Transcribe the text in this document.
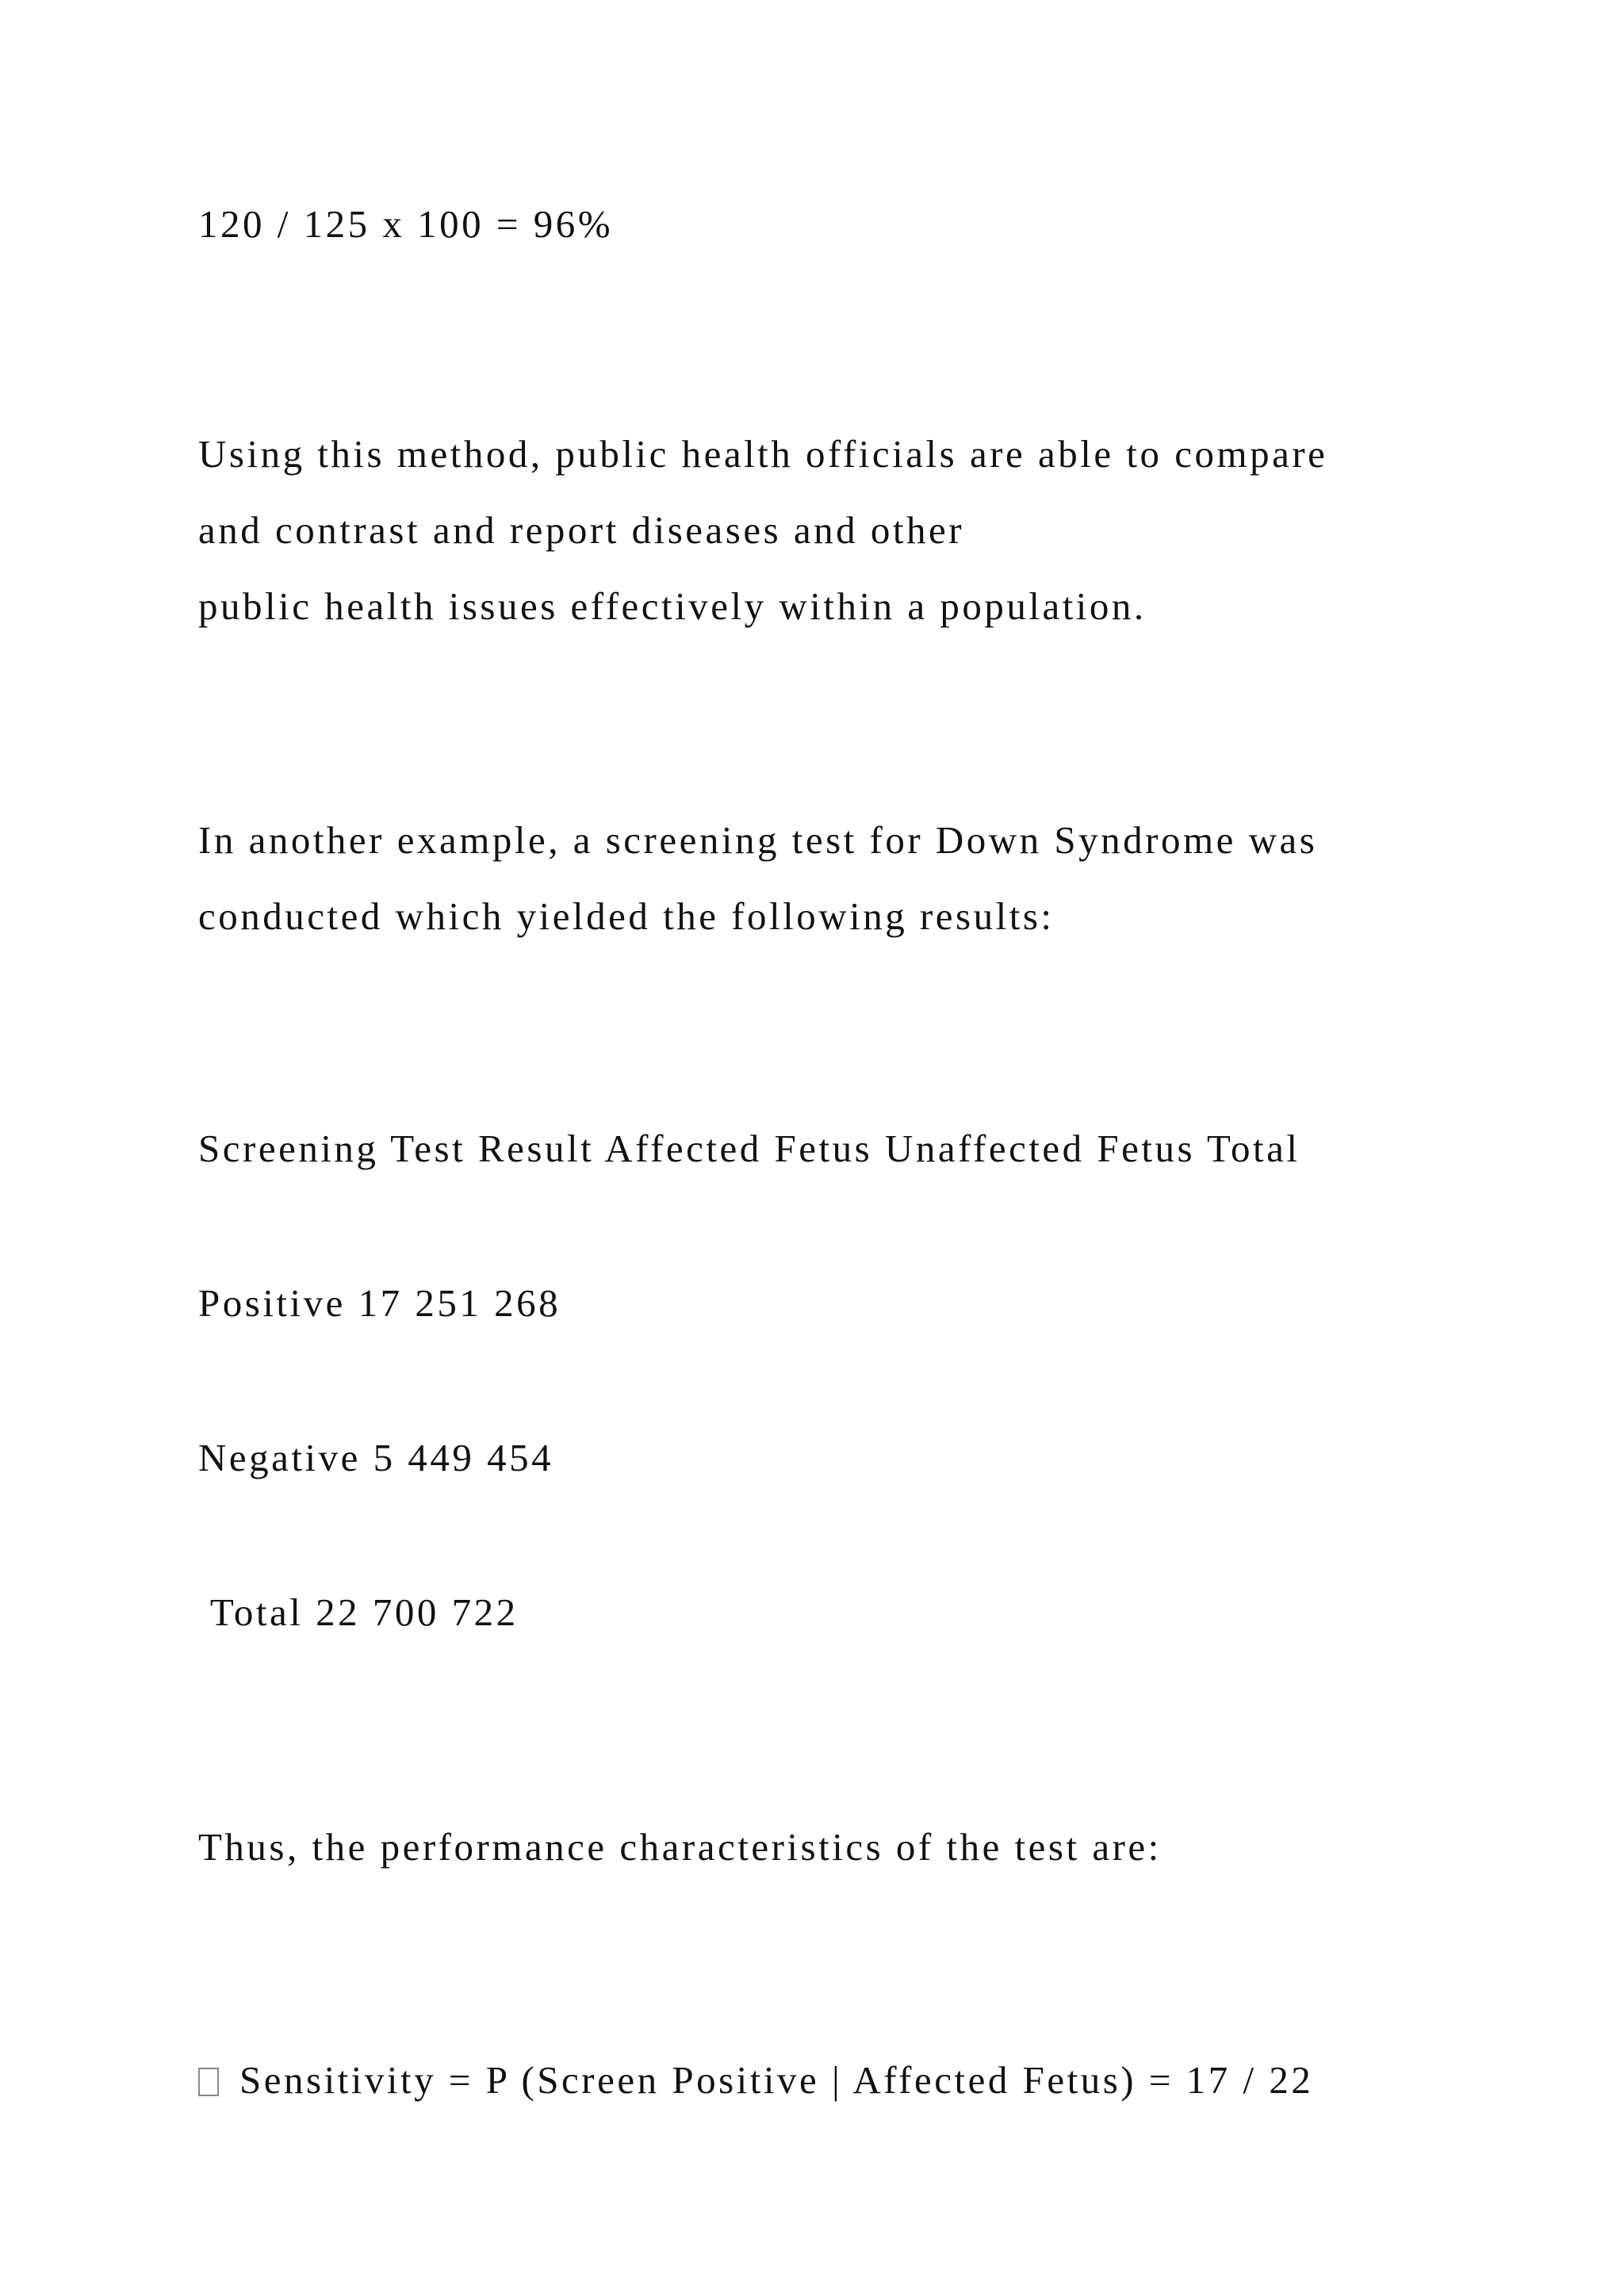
120 / 125 x 100 = 96%
Using this method, public health officials are able to compare
and contrast and report diseases and other
public health issues effectively within a population.
In another example, a screening test for Down Syndrome was
conducted which yielded the following results:
Screening Test Result Affected Fetus Unaffected Fetus Total
Positive 17 251 268
Negative 5 449 454
Total 22 700 722
Thus, the performance characteristics of the test are:
Sensitivity = P (Screen Positive | Affected Fetus) = 17 / 22
